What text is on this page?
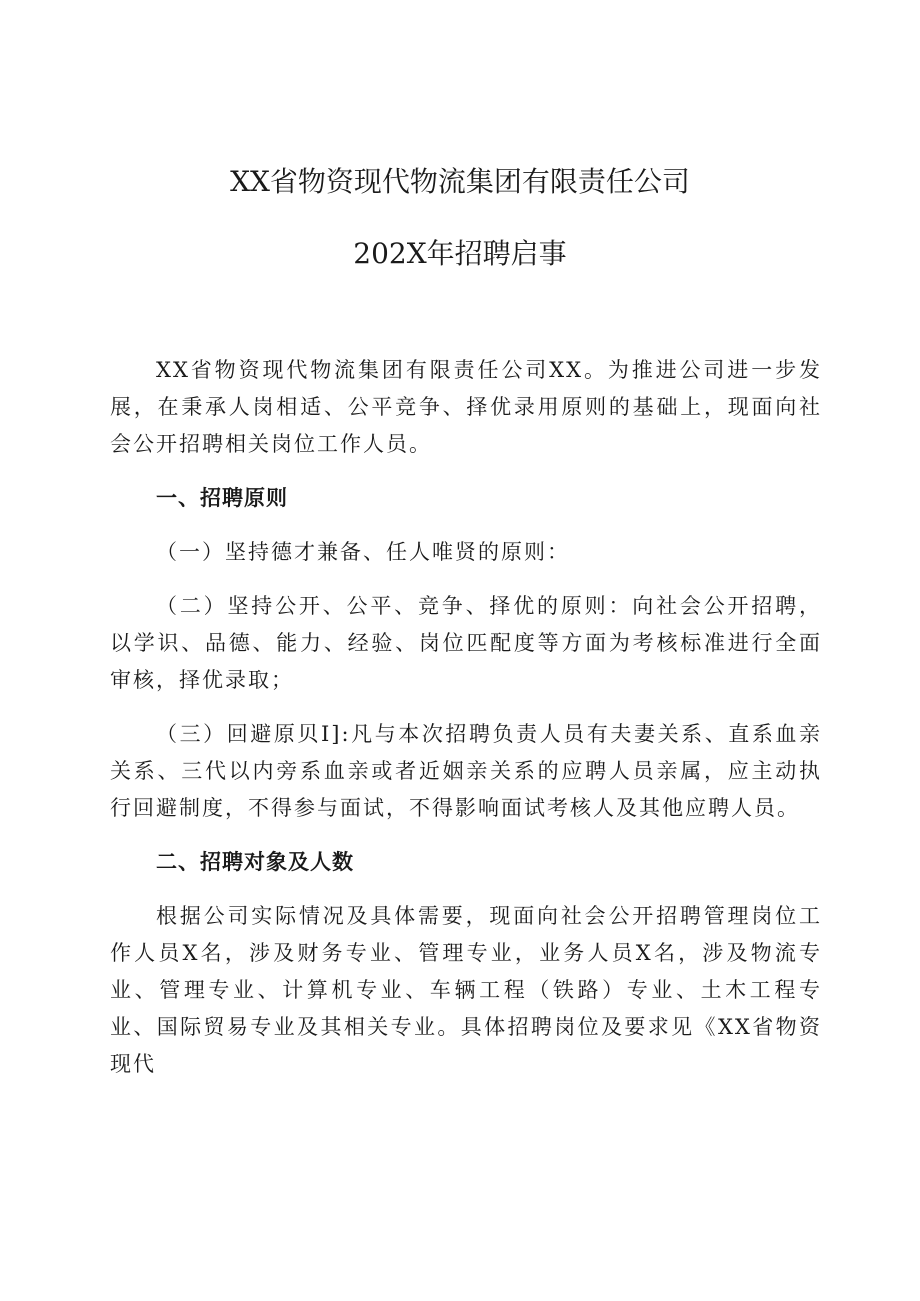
XX省物资现代物流集团有限责任公司
202X年招聘启事

XX省物资现代物流集团有限责任公司XX。为推进公司进一步发展，在秉承人岗相适、公平竞争、择优录用原则的基础上，现面向社会公开招聘相关岗位工作人员。

一、招聘原则

（一）坚持德才兼备、任人唯贤的原则：

（二）坚持公开、公平、竞争、择优的原则：向社会公开招聘，以学识、品德、能力、经验、岗位匹配度等方面为考核标准进行全面审核，择优录取；

（三）回避原贝I]:凡与本次招聘负责人员有夫妻关系、直系血亲关系、三代以内旁系血亲或者近姻亲关系的应聘人员亲属，应主动执行回避制度，不得参与面试，不得影响面试考核人及其他应聘人员。

二、招聘对象及人数

根据公司实际情况及具体需要，现面向社会公开招聘管理岗位工作人员X名，涉及财务专业、管理专业，业务人员X名，涉及物流专业、管理专业、计算机专业、车辆工程（铁路）专业、土木工程专业、国际贸易专业及其相关专业。具体招聘岗位及要求见《XX省物资现代
